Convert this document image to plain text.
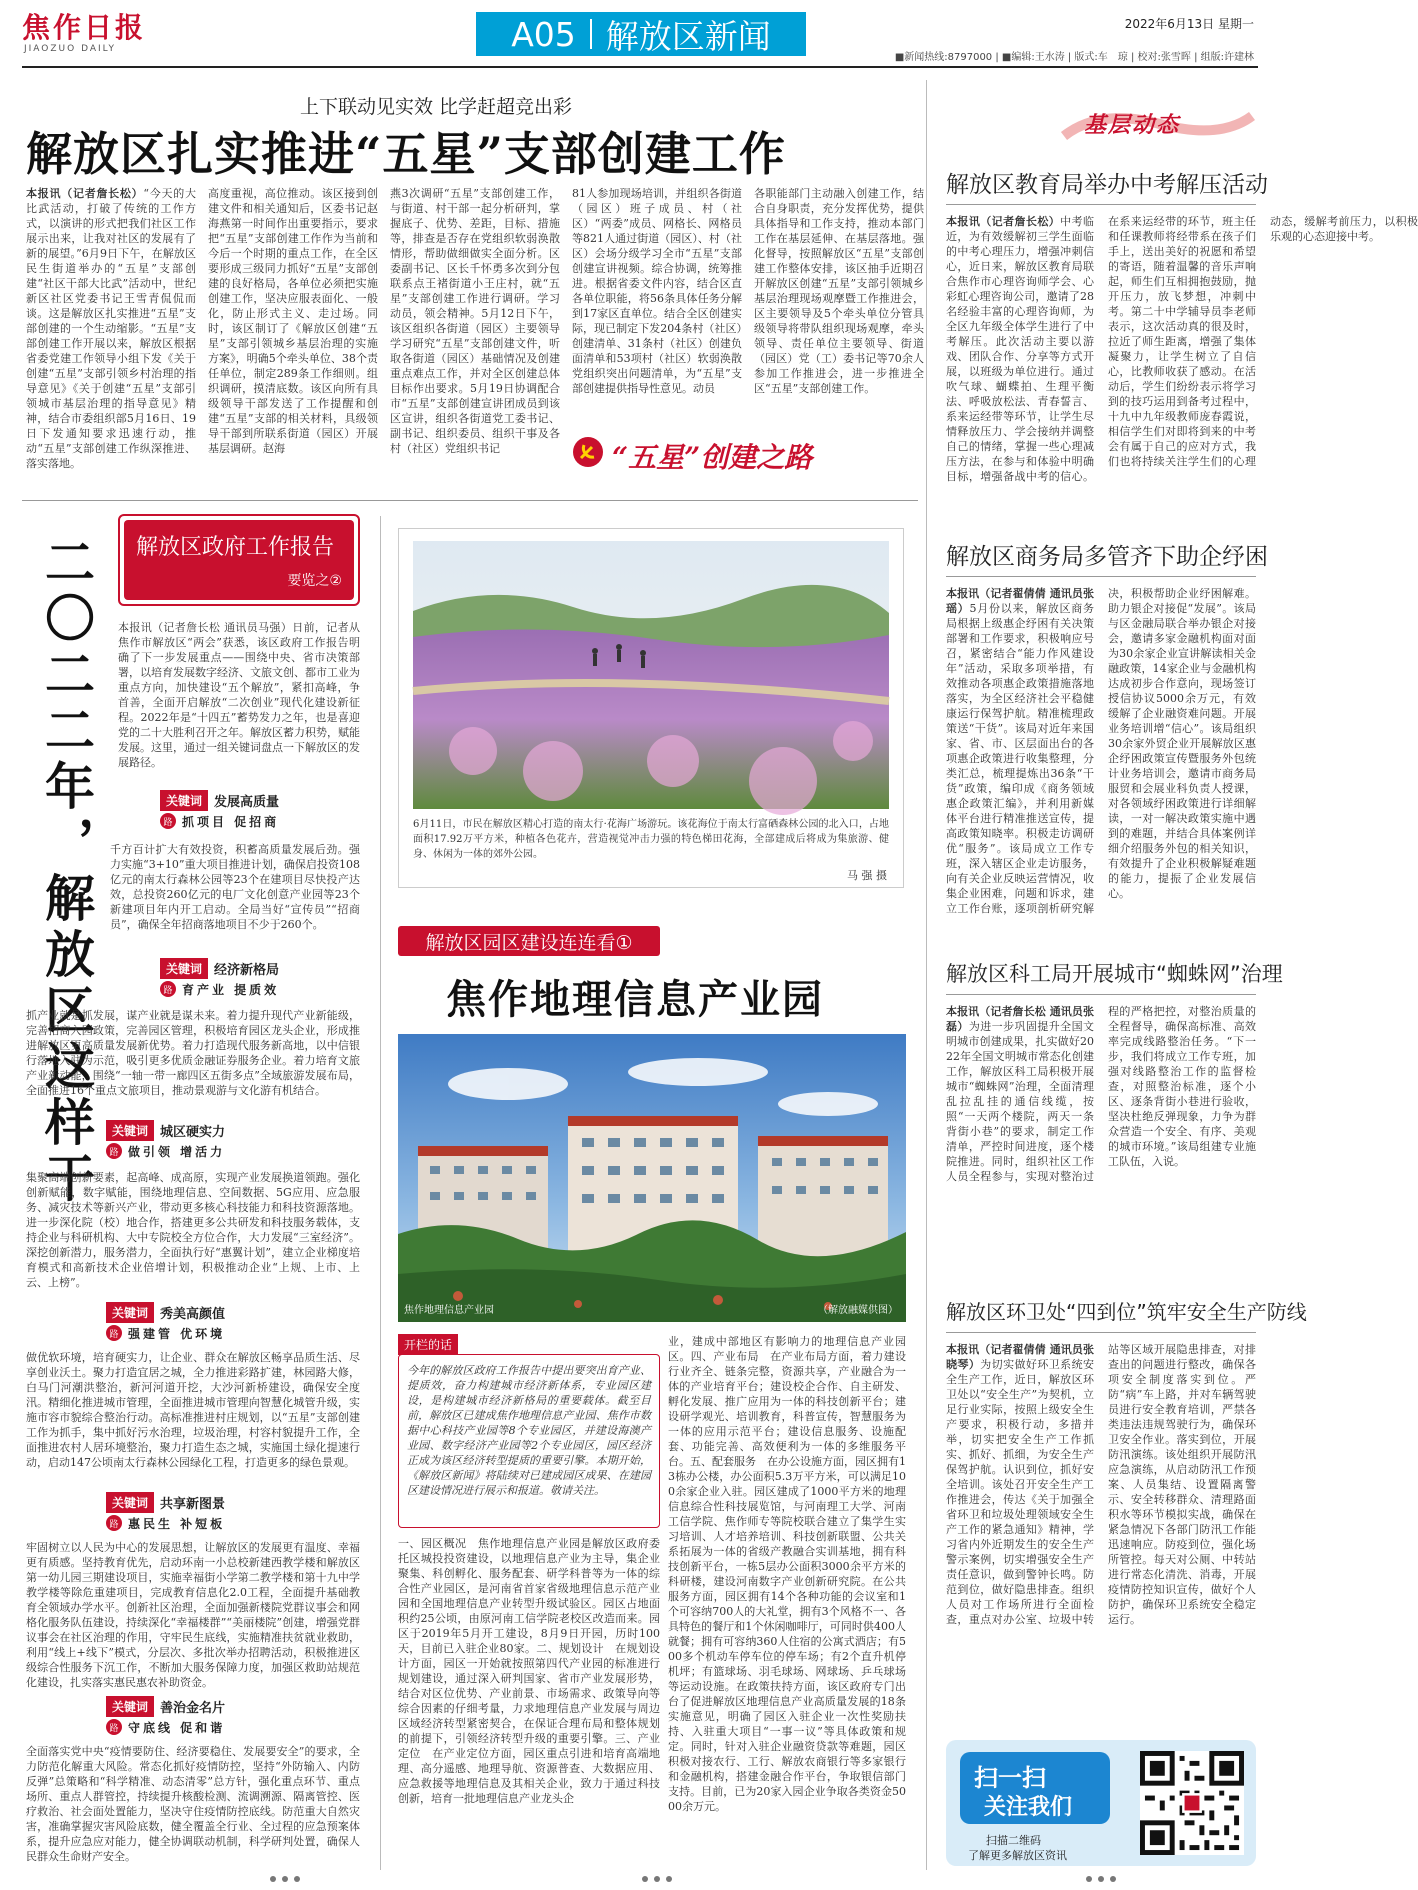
焦作日报
JIAOZUO DAILY	A05 解放区新闻	2022年6月13日 星期一
■新闻热线:8797000 | ■编辑:王水涛 | 版式:车　琼 | 校对:张雪晖 | 组版:许建林
上下联动见实效 比学赶超竞出彩
解放区扎实推进“五星”支部创建工作
本报讯（记者詹长松）“今天的大比武活动，打破了传统的工作方式，以演讲的形式把我们社区工作展示出来，让我对社区的发展有了新的展望。”6月9日下午，在解放区民生街道举办的“五星”支部创建“社区干部大比武”活动中，世纪新区社区党委书记王雪青侃侃而谈。这是解放区扎实推进“五星”支部创建的一个生动缩影。“五星”支部创建工作开展以来，解放区根据省委党建工作领导小组下发《关于创建“五星”支部引领乡村治理的指导意见》《关于创建“五星”支部引领城市基层治理的指导意见》精神，结合市委组织部5月16日、19日下发通知要求迅速行动，推动“五星”支部创建工作纵深推进、落实落地。
高度重视，高位推动。该区接到创建文件和相关通知后，区委书记赵海燕第一时间作出重要指示，要求把“五星”支部创建工作作为当前和今后一个时期的重点工作，在全区要形成三级同力抓好“五星”支部创建的良好格局，各单位必须把实施创建工作，坚决应服表面化、一般化，防止形式主义、走过场。同时，该区制订了《解放区创建“五星”支部引领城乡基层治理的实施方案》，明确5个牵头单位、38个责任单位，制定289条工作细则。组织调研，摸清底数。该区向所有具级领导干部发送了工作提醒和创建“五星”支部的相关材料，具级领导干部到所联系街道（园区）开展基层调研。赵海
燕3次调研“五星”支部创建工作，与街道、村干部一起分析研判，掌握底子、优势、差距，目标、措施等，排查是否存在党组织软弱涣散情形，帮助做细做实全面分析。区委副书记、区长千怀勇多次到分包联系点王褚街道小王庄村，就“五星”支部创建工作进行调研。学习动员，领会精神。5月12日下午，该区组织各街道（园区）主要领导学习研究“五星”支部创建文件，听取各街道（园区）基础情况及创建重点难点工作，并对全区创建总体目标作出要求。5月19日协调配合市“五星”支部创建宣讲团成员到该区宣讲，组织各街道党工委书记、副书记、组织委员、组织干事及各村（社区）党组织书记
81人参加现场培训，并组织各街道（园区）班子成员、村（社区）“两委”成员、网格长、网格员等821人通过街道（园区）、村（社区）会场分级学习全市“五星”支部创建宣讲视频。综合协调，统筹推进。根据省委文件内容，结合区直各单位职能，将56条具体任务分解到17家区直单位。结合全区创建实际，现已制定下发204条村（社区）创建清单、31条村（社区）创建负面清单和53项村（社区）软弱涣散党组织突出问题清单，为“五星”支部创建提供指导性意见。动员
各职能部门主动融入创建工作，结合自身职责，充分发挥优势，提供具体指导和工作支持，推动本部门工作在基层延伸、在基层落地。强化督导，按照解放区“五星”支部创建工作整体安排，该区抽手近期召开解放区创建“五星”支部引领城乡基层治理现场观摩暨工作推进会，区主要领导及5个牵头单位分管具级领导将带队组织现场观摩，牵头领导、责任单位主要领导、街道（园区）党（工）委书记等70余人参加工作推进会，进一步推进全区“五星”支部创建工作。
“五星”创建之路
二〇二二年，解放区这样干 解放区政府工作报告
要览之②
本报讯（记者詹长松 通讯员马强）日前，记者从焦作市解放区“两会”获悉，该区政府工作报告明确了下一步发展重点——围绕中央、省市决策部署，以培育发展数字经济、文旅文创、都市工业为重点方向，加快建设“五个解放”，紧扣高峰，争首善，全面开启解放“二次创业”现代化建设新征程。2022年是“十四五”蓄势发力之年，也是喜迎党的二十大胜利召开之年。解放区蓄力积势，赋能发展。这里，通过一组关键词盘点一下解放区的发展路径。
关键词 发展高质量
路 抓项目 促招商
千方百计扩大有效投资，积蓄高质量发展后劲。强力实施“3+10”重大项目推进计划，确保启投资108亿元的南太行森林公园等23个在建项目尽快投产达效，总投资260亿元的电厂文化创意产业园等23个新建项目年内开工启动。全局当好“宣传员”“招商员”，确保全年招商落地项目不少于260个。
关键词 经济新格局
路 育产业 提质效
抓产业就是抓发展，谋产业就是谋未来。着力提升现代产业新能级，完善招商入园政策，完善园区管理，积极培育园区龙头企业，形成推进解放区更高质量发展新优势。着力打造现代服务新高地，以中信银行落地入驻为示范，吸引更多优质金融证券服务企业。着力培育文旅产业新动能，围绕“一轴一带一廊四区五街多点”全域旅游发展布局，全面推进16个重点文旅项目，推动景观游与文化游有机结合。
关键词 城区硬实力
路 做引领 增活力
集聚高端创新要素，起高峰、成高原，实现产业发展换道领跑。强化创新赋能，数字赋能，围绕地理信息、空间数据、5G应用、应急服务、减灾技术等新兴产业，带动更多核心科技能力和科技资源落地。进一步深化院（校）地合作，搭建更多公共研发和科技服务载体，支持企业与科研机构、大中专院校全方位合作，大力发展“三室经济”。深挖创新潜力，服务潜力，全面执行好“惠翼计划”，建立企业梯度培育模式和高新技术企业倍增计划，积极推动企业“上规、上市、上云、上榜”。
关键词 秀美高颜值
路 强建管 优环境
做优软环境，培育硬实力，让企业、群众在解放区畅享品质生活、尽享创业沃土。聚力打造宜居之城，全力推进彩路扩建，林园路大修，白马门河潮洪整治，新河河道开挖，大沙河新桥建设，确保安全度汛。精细化推进城市管理，全面推进城市管理向智慧化城管升级，实施市容市貌综合整治行动。高标准推进村庄规划，以“五星”支部创建工作为抓手，集中抓好污水治理，垃圾治理，村容村貌提升工作，全面推进农村人居环境整治，聚力打造生态之城，实施国土绿化提速行动，启动147公顷南太行森林公园绿化工程，打造更多的绿色景观。
关键词 共享新图景
路 惠民生 补短板
牢固树立以人民为中心的发展思想，让解放区的发展更有温度、幸福更有质感。坚持教育优先，启动环南一小总校新建西教学楼和解放区第一幼儿园三期建设项目，实施幸福街小学第二教学楼和第十九中学教学楼等除危重建项目，完成教育信息化2.0工程，全面提升基础教育全领域办学水平。创新社区治理，全面加强新楼院党群议事会和网格化服务队伍建设，持续深化“幸福楼群”“美丽楼院”创建，增强党群议事会在社区治理的作用，守牢民生底线，实施精准扶贫就业救助，利用“线上+线下”模式，分层次、多批次举办招聘活动，积极推进区级综合性服务下沉工作，不断加大服务保障力度，加强区救助站规范化建设，扎实落实惠民惠农补助资金。
关键词 善治金名片
路 守底线 促和谐
全面落实党中央“疫情要防住、经济要稳住、发展要安全”的要求，全力防范化解重大风险。常态化抓好疫情防控，坚持“外防输入、内防反弹”总策略和“科学精准、动态清零”总方针，强化重点环节、重点场所、重点人群管控，持续提升核酸检测、流调溯源、隔离管控、医疗救治、社会面处置能力，坚决守住疫情防控底线。防范重大自然灾害，准确掌握灾害风险底数，健全覆盖全行业、全过程的应急预案体系，提升应急应对能力，健全协调联动机制，科学研判处置，确保人民群众生命财产安全。
6月11日，市民在解放区精心打造的南太行·花海广场游玩。该花海位于南太行富硒森林公园的北入口，占地面积17.92万平方米，种植各色花卉，营造视觉冲击力强的特色梯田花海，全部建成后将成为集旅游、健身、休闲为一体的郊外公园。
马 强 摄
解放区园区建设连连看①
焦作地理信息产业园
焦作地理信息产业园	（解放融媒供图）
开栏的话
今年的解放区政府工作报告中提出要突出育产业、提质效，奋力构建城市经济新体系，专业园区建设，是构建城市经济新格局的重要载体。截至目前，解放区已建成焦作地理信息产业园、焦作市数据中心科技产业园等8个专业园区，并建设海澳产业园、数字经济产业园等2个专业园区，园区经济正成为该区经济转型提质的重要引擎。本期开始，《解放区新闻》将陆续对已建成园区成果、在建园区建设情况进行展示和报道。敬请关注。
一、园区概况　焦作地理信息产业园是解放区政府委托区城投投资建设，以地理信息产业为主导，集企业聚集、科创孵化、服务配套、研学科普等为一体的综合性产业园区，是河南省首家省级地理信息示范产业园和全国地理信息产业转型升级试验区。园区占地面积约25公顷，由原河南工信学院老校区改造而来。园区于2019年5月开工建设，8月9日开园，历时100天，目前已入驻企业80家。二、规划设计　在规划设计方面，园区一开始就按照第四代产业园的标准进行规划建设，通过深入研判国家、省市产业发展形势，结合对区位优势、产业前景、市场需求、政策导向等综合因素的仔细考量，力求地理信息产业发展与周边区域经济转型紧密契合，在保证合理布局和整体规划的前提下，引领经济转型升级的重要引擎。三、产业定位　在产业定位方面，园区重点引进和培育高端地理、高分遥感、地理导航、资源普查、大数据应用、应急救援等地理信息及其相关企业，致力于通过科技创新，培育一批地理信息产业龙头企
业，建成中部地区有影响力的地理信息产业园区。四、产业布局　在产业布局方面，着力建设行业齐全、链条完整，资源共享，产业融合为一体的产业培育平台；建设校企合作、自主研发、孵化发展、推广应用为一体的科技创新平台；建设研学观光、培训教育，科普宣传，智慧服务为一体的应用示范平台；建设信息服务、设施配套、功能完善、高效便利为一体的多维服务平台。五、配套服务　在办公设施方面，园区拥有13栋办公楼，办公面积5.3万平方米，可以满足100余家企业入驻。园区建成了1000平方米的地理信息综合性科技展览馆，与河南理工大学、河南工信学院、焦作师专等院校联合建立了集学生实习培训、人才培养培训、科技创新联盟、公共关系拓展为一体的省级产教融合实训基地，拥有科技创新平台，一栋5层办公面积3000余平方米的科研楼，建设河南数字产业创新研究院。在公共服务方面，园区拥有14个各种功能的会议室和1个可容纳700人的大礼堂，拥有3个风格不一、各具特色的餐厅和1个休闲咖啡厅，可同时供400人就餐；拥有可容纳360人住宿的公寓式酒店；有500多个机动车停车位的停车场；有2个直升机停机坪；有篮球场、羽毛球场、网球场、乒乓球场等运动设施。在政策扶持方面，该区政府专门出台了促进解放区地理信息产业高质量发展的18条实施意见，明确了园区入驻企业一次性奖励扶持、入驻重大项目“一事一议”等具体政策和规定。同时，针对入驻企业融资贷款等难题，园区积极对接农行、工行、解放农商银行等多家银行和金融机构，搭建金融合作平台，争取银信部门支持。目前，已为20家入园企业争取各类资金5000余万元。
基层动态
解放区教育局举办中考解压活动
本报讯（记者詹长松）中考临近，为有效缓解初三学生面临的中考心理压力，增强冲刺信心，近日来，解放区教育局联合焦作市心理咨询师学会、心彩虹心理咨询公司，邀请了28名经验丰富的心理咨询师，为全区九年级全体学生进行了中考解压。此次活动主要以游戏、团队合作、分享等方式开展，以班级为单位进行。通过吹气球、蝴蝶拍、生理平衡法、呼吸放松法、青春誓言、系来运经带等环节，让学生尽情释放压力、学会接纳并调整自己的情绪，掌握一些心理减压方法，在参与和体验中明确目标，增强备战中考的信心。在系来运经带的环节，班主任和任课教师将经带系在孩子们手上，送出美好的祝愿和希望的寄语，随着温馨的音乐声响起，师生们互相拥抱鼓励，抛开压力，放飞梦想，冲刺中考。第二十中学辅导员李老师表示，这次活动真的很及时，拉近了师生距离，增强了集体凝聚力，让学生树立了自信心，比教师收获了感动。在活动后，学生们纷纷表示将学习到的技巧运用到备考过程中，十九中九年级教师庞春霞说，相信学生们对即将到来的中考会有属于自己的应对方式，我们也将持续关注学生们的心理动态，缓解考前压力，以积极乐观的心态迎接中考。
解放区商务局多管齐下助企纾困
本报讯（记者翟倩倩 通讯员张瑶）5月份以来，解放区商务局根据上级惠企纾困有关决策部署和工作要求，积极响应号召，紧密结合“能力作风建设年”活动，采取多项举措，有效推动各项惠企政策措施落地落实，为全区经济社会平稳健康运行保驾护航。精准梳理政策送“干货”。该局对近年来国家、省、市、区层面出台的各项惠企政策进行收集整理，分类汇总，梳理提炼出36条“干货”政策，编印成《商务领域惠企政策汇编》，并利用新媒体平台进行精准推送宣传，提高政策知晓率。积极走访调研优“服务”。该局成立工作专班，深入辖区企业走访服务，向有关企业反映运营情况，收集企业困难，问题和诉求，建立工作台账，逐项剖析研究解决，积极帮助企业纾困解难。助力银企对接促“发展”。该局与区金融局联合举办银企对接会，邀请多家金融机构面对面为30余家企业宣讲解读相关金融政策，14家企业与金融机构达成初步合作意向，现场签订授信协议5000余万元，有效缓解了企业融资难问题。开展业务培训增“信心”。该局组织30余家外贸企业开展解放区惠企纾困政策宣传暨服务外包统计业务培训会，邀请市商务局服贸和会展业科负责人授课，对各领域纾困政策进行详细解读，一对一解决政策实施中遇到的难题，并结合具体案例详细介绍服务外包的相关知识，有效提升了企业积极解疑难题的能力，提振了企业发展信心。
解放区科工局开展城市“蜘蛛网”治理
本报讯（记者詹长松 通讯员张磊）为进一步巩固提升全国文明城市创建成果，扎实做好2022年全国文明城市常态化创建工作，解放区科工局积极开展城市“蜘蛛网”治理，全面清理乱拉乱挂的通信线缆，按照“一天两个楼院，两天一条背街小巷”的要求，制定工作清单，严控时间进度，逐个楼院推进。同时，组织社区工作人员全程参与，实现对整治过程的严格把控，对整治质量的全程督导，确保高标准、高效率完成线路整治任务。“下一步，我们将成立工作专班，加强对线路整治工作的监督检查，对照整治标准，逐个小区、逐条背街小巷进行验收，坚决杜绝反弹现象，力争为群众营造一个安全、有序、美观的城市环境。”该局组建专业施工队伍，入说。
解放区环卫处“四到位”筑牢安全生产防线
本报讯（记者翟倩倩 通讯员张晓琴）为切实做好环卫系统安全生产工作，近日，解放区环卫处以“安全生产”为契机，立足行业实际，按照上级安全生产要求，积极行动，多措并举，切实把安全生产工作抓实、抓好、抓细，为安全生产保驾护航。认识到位，抓好安全培训。该处召开安全生产工作推进会，传达《关于加强全省环卫和垃圾处理领域安全生产工作的紧急通知》精神，学习省内外近期发生的安全生产警示案例，切实增强安全生产责任意识，做到警钟长鸣。防范到位，做好隐患排查。组织人员对工作场所进行全面检查，重点对办公室、垃圾中转站等区域开展隐患排查，对排查出的问题进行整改，确保各项安全制度落实到位。严防“病”车上路，并对车辆驾驶员进行安全教育培训，严禁各类违法违规驾驶行为，确保环卫安全作业。落实到位，开展防汛演练。该处组织开展防汛应急演练，从启动防汛工作预案、人员集结、设置隔离警示、安全转移群众、清理路面积水等环节模拟实战，确保在紧急情况下各部门防汛工作能迅速响应。防疫到位，强化场所管控。每天对公厕、中转站进行常态化清洗、消毒，开展疫情防控知识宣传，做好个人防护，确保环卫系统安全稳定运行。
扫一扫
关注我们
扫描二维码
了解更多解放区资讯
